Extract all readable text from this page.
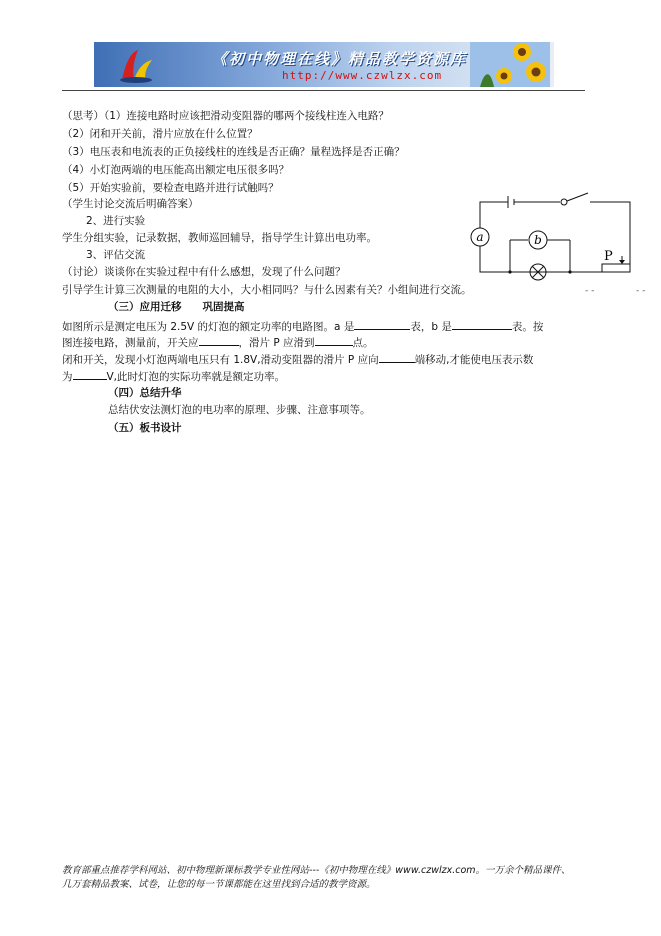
《初中物理在线》精品教学资源库
http://www.czwlzx.com
（思考）（1）连接电路时应该把滑动变阻器的哪两个接线柱连入电路？
（2）闭和开关前，滑片应放在什么位置？
（3）电压表和电流表的正负接线柱的连线是否正确？量程选择是否正确？
（4）小灯泡两端的电压能高出额定电压很多吗？
（5）开始实验前，要检查电路并进行试触吗？
（学生讨论交流后明确答案）
2、进行实验
学生分组实验，记录数据，教师巡回辅导，指导学生计算出电功率。
3、评估交流
（讨论）谈谈你在实验过程中有什么感想，发现了什么问题？
引导学生计算三次测量的电阻的大小，大小相同吗？与什么因素有关？小组间进行交流。
a	b
P
- -	- -
（三）应用迁移　　巩固提高
如图所示是测定电压为 2.5V 的灯泡的额定功率的电路图。a 是	表，b 是	表。按
图连接电路，测量前，开关应	，滑片 P 应滑到	点。
闭和开关，发现小灯泡两端电压只有 1.8V,滑动变阻器的滑片 P 应向	端移动,才能使电压表示数
为	V,此时灯泡的实际功率就是额定功率。
（四）总结升华
总结伏安法测灯泡的电功率的原理、步骤、注意事项等。
（五）板书设计
教育部重点推荐学科网站、初中物理新课标教学专业性网站---《初中物理在线》www.czwlzx.com。一万余个精品课件、
几万套精品教案、试卷，让您的每一节课都能在这里找到合适的教学资源。
